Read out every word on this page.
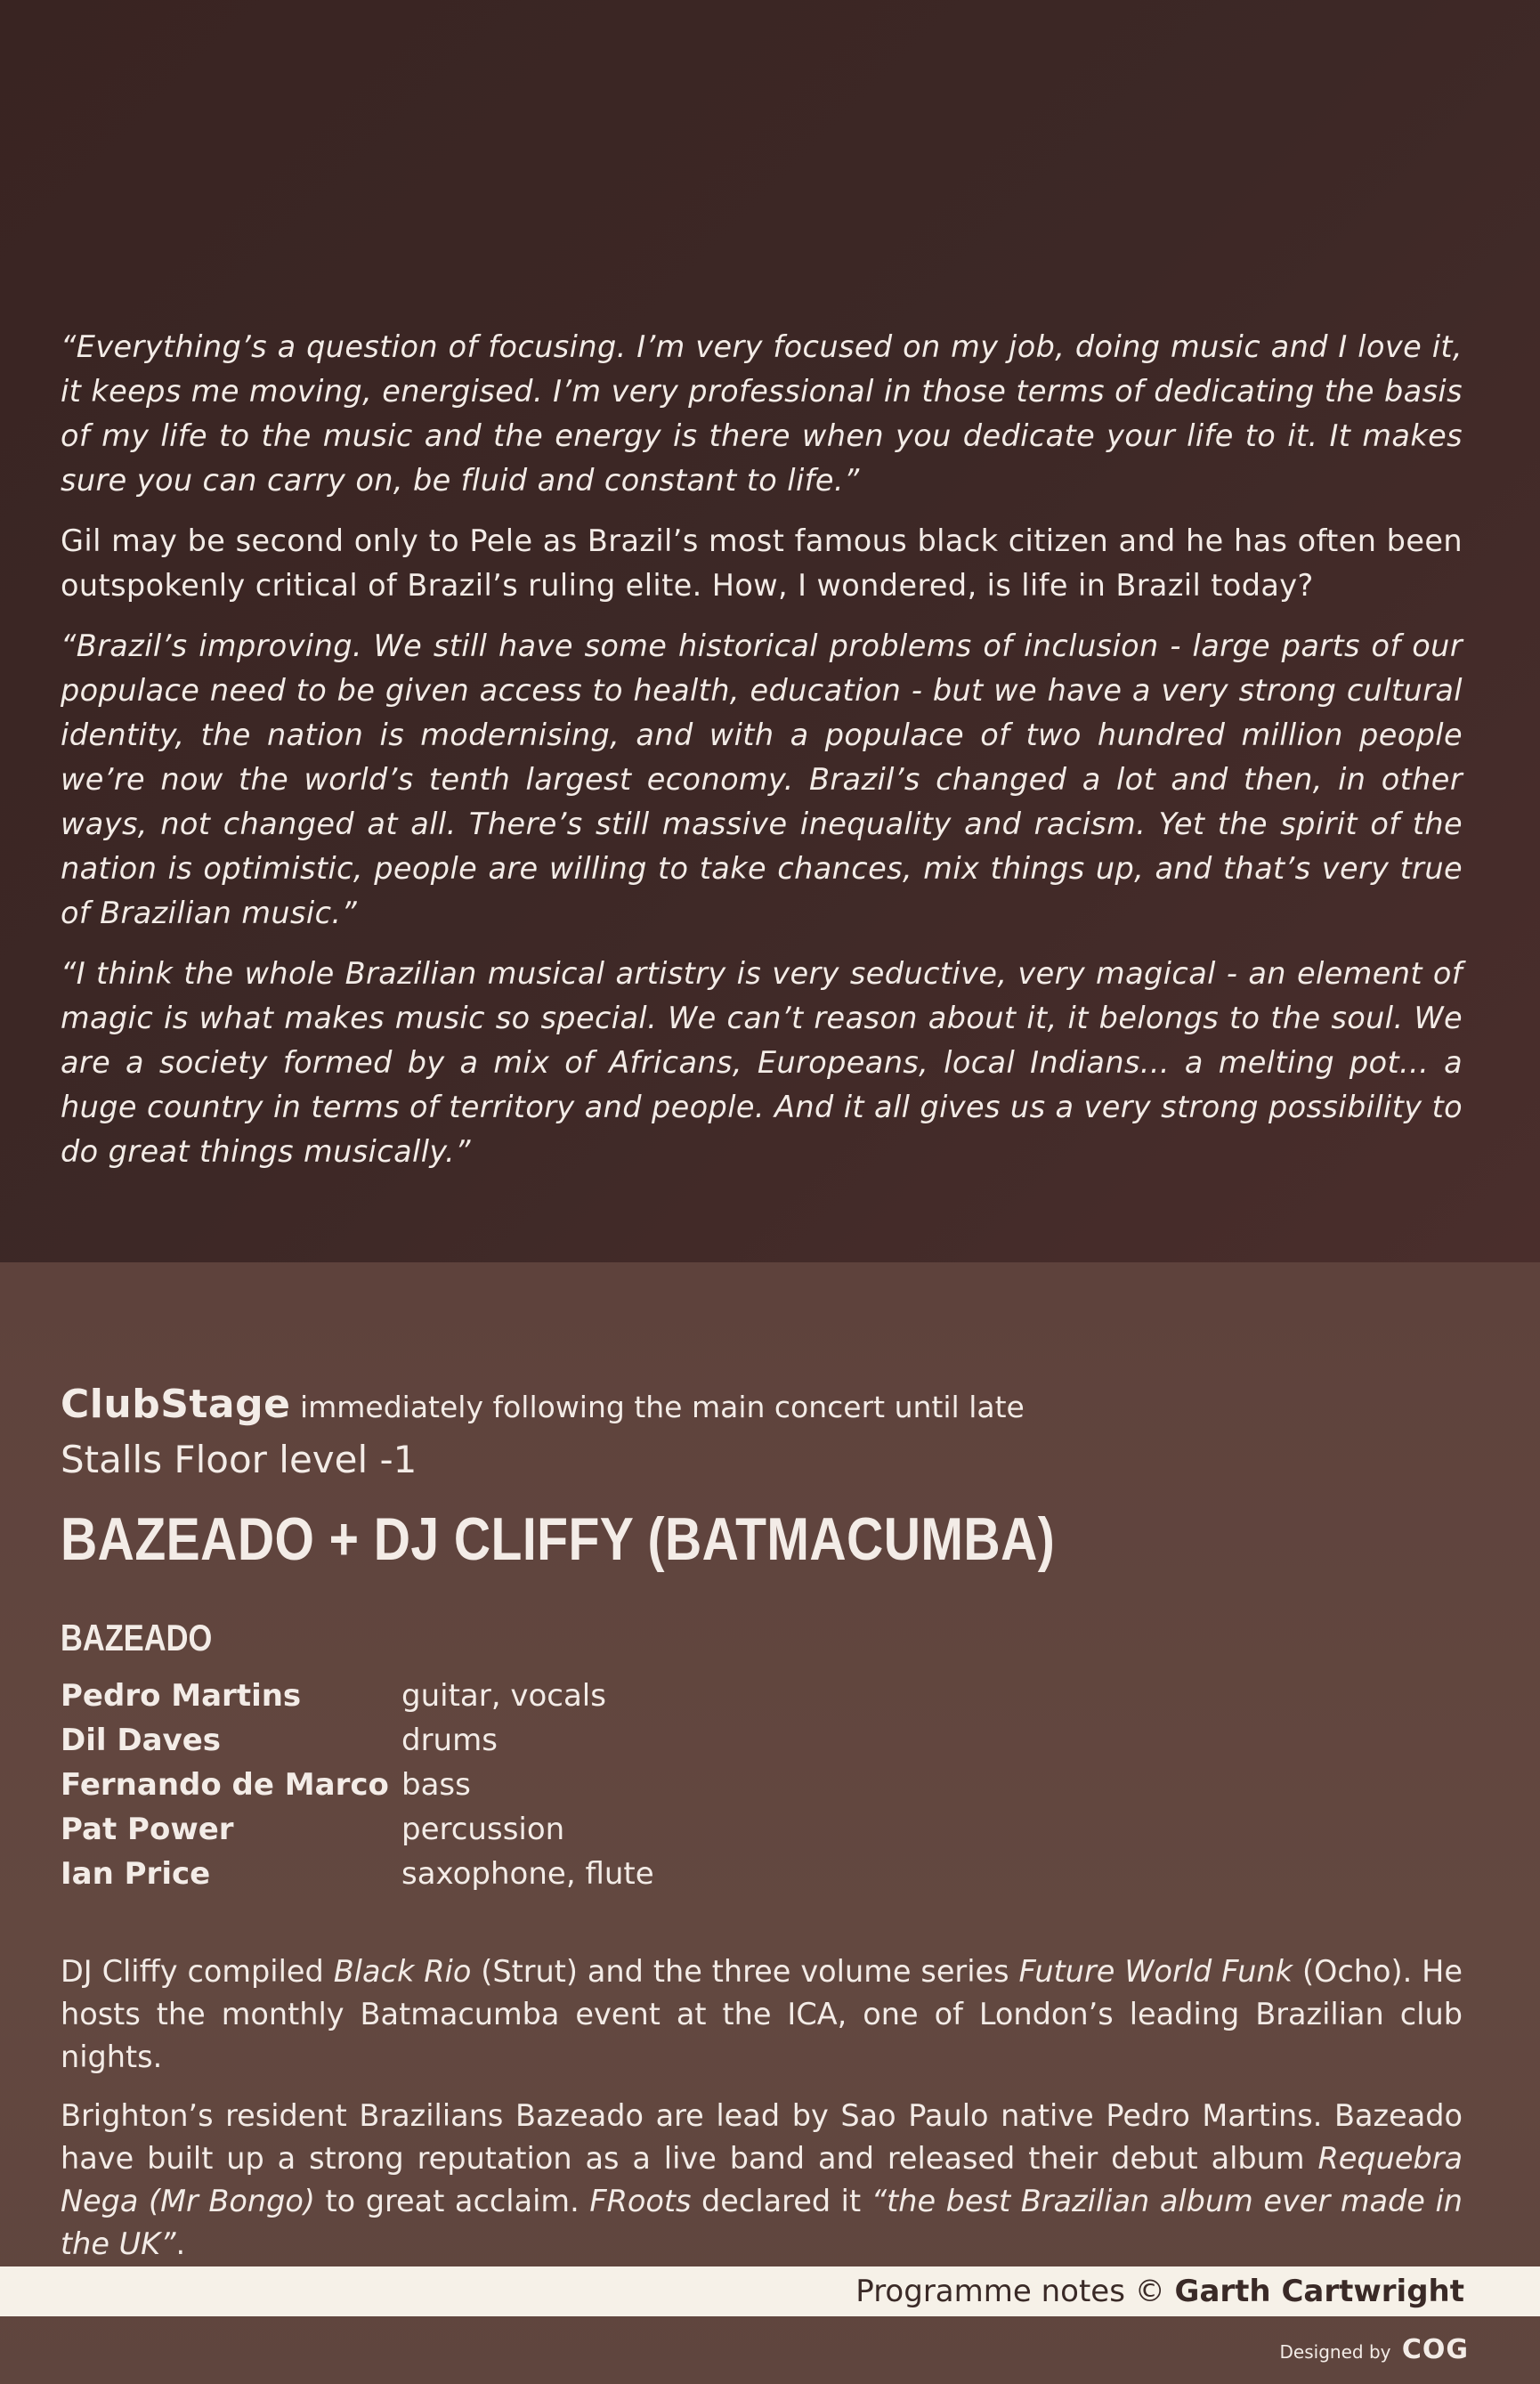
“Everything’s a question of focusing. I’m very focused on my job, doing music and I love it, it keeps me moving, energised. I’m very professional in those terms of dedicating the basis of my life to the music and the energy is there when you dedicate your life to it. It makes sure you can carry on, be fluid and constant to life.”

Gil may be second only to Pele as Brazil’s most famous black citizen and he has often been outspokenly critical of Brazil’s ruling elite. How, I wondered, is life in Brazil today?

“Brazil’s improving. We still have some historical problems of inclusion - large parts of our populace need to be given access to health, education - but we have a very strong cultural identity, the nation is modernising, and with a populace of two hundred million people we’re now the world’s tenth largest economy. Brazil’s changed a lot and then, in other ways, not changed at all. There’s still massive inequality and racism. Yet the spirit of the nation is optimistic, people are willing to take chances, mix things up, and that’s very true of Brazilian music.”

“I think the whole Brazilian musical artistry is very seductive, very magical - an element of magic is what makes music so special. We can’t reason about it, it belongs to the soul. We are a society formed by a mix of Africans, Europeans, local Indians... a melting pot... a huge country in terms of territory and people. And it all gives us a very strong possibility to do great things musically.”

ClubStage immediately following the main concert until late
Stalls Floor level -1
BAZEADO + DJ CLIFFY (BATMACUMBA)
BAZEADO
Pedro Martins	guitar, vocals
Dil Daves	drums
Fernando de Marco bass
Pat Power	percussion
Ian Price	saxophone, flute

DJ Cliffy compiled Black Rio (Strut) and the three volume series Future World Funk (Ocho). He hosts the monthly Batmacumba event at the ICA, one of London’s leading Brazilian club nights.

Brighton’s resident Brazilians Bazeado are lead by Sao Paulo native Pedro Martins. Bazeado have built up a strong reputation as a live band and released their debut album Requebra Nega (Mr Bongo) to great acclaim. FRoots declared it “the best Brazilian album ever made in the UK”.

Programme notes © Garth Cartwright
Designed by COG
